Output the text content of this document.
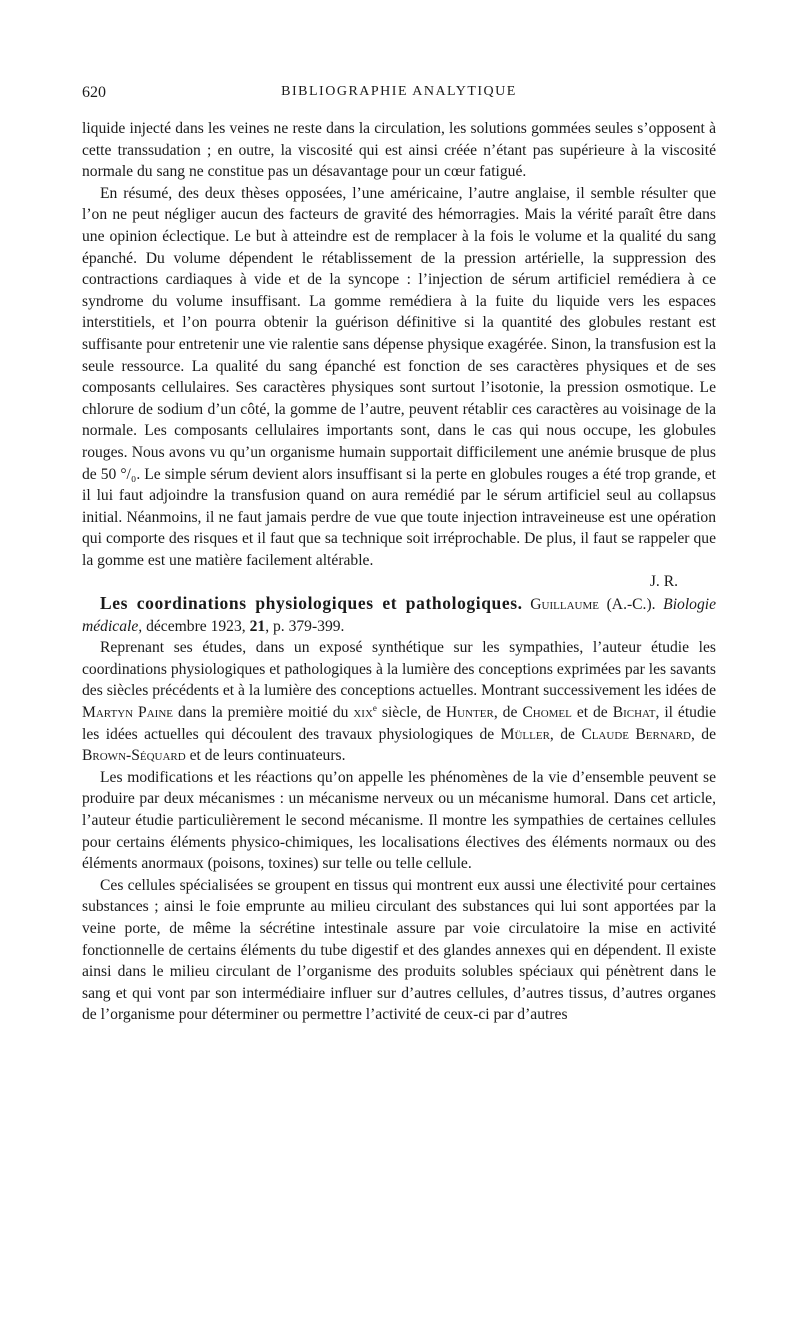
620	BIBLIOGRAPHIE ANALYTIQUE

liquide injecté dans les veines ne reste dans la circulation, les solutions gommées seules s’opposent à cette transsudation ; en outre, la viscosité qui est ainsi créée n’étant pas supérieure à la viscosité normale du sang ne constitue pas un désavantage pour un cœur fatigué.

En résumé, des deux thèses opposées, l’une américaine, l’autre anglaise, il semble résulter que l’on ne peut négliger aucun des facteurs de gravité des hémorragies. Mais la vérité paraît être dans une opinion éclectique. Le but à atteindre est de remplacer à la fois le volume et la qualité du sang épanché. Du volume dépendent le rétablissement de la pression artérielle, la suppression des contractions cardiaques à vide et de la syncope : l’injection de sérum artificiel remédiera à ce syndrome du volume insuffisant. La gomme remédiera à la fuite du liquide vers les espaces interstitiels, et l’on pourra obtenir la guérison définitive si la quantité des globules restant est suffisante pour entretenir une vie ralentie sans dépense physique exagérée. Sinon, la transfusion est la seule ressource. La qualité du sang épanché est fonction de ses caractères physiques et de ses composants cellulaires. Ses caractères physiques sont surtout l’isotonie, la pression osmotique. Le chlorure de sodium d’un côté, la gomme de l’autre, peuvent rétablir ces caractères au voisinage de la normale. Les composants cellulaires importants sont, dans le cas qui nous occupe, les globules rouges. Nous avons vu qu’un organisme humain supportait difficilement une anémie brusque de plus de 50 °/₀. Le simple sérum devient alors insuffisant si la perte en globules rouges a été trop grande, et il lui faut adjoindre la transfusion quand on aura remédié par le sérum artificiel seul au collapsus initial. Néanmoins, il ne faut jamais perdre de vue que toute injection intraveineuse est une opération qui comporte des risques et il faut que sa technique soit irréprochable. De plus, il faut se rappeler que la gomme est une matière facilement altérable.

J. R.

Les coordinations physiologiques et pathologiques. Guillaume (A.-C.). Biologie médicale, décembre 1923, 21, p. 379-399.

Reprenant ses études, dans un exposé synthétique sur les sympathies, l’auteur étudie les coordinations physiologiques et pathologiques à la lumière des conceptions exprimées par les savants des siècles précédents et à la lumière des conceptions actuelles. Montrant successivement les idées de Martyn Paine dans la première moitié du xix$^e$ siècle, de Hunter, de Chomel et de Bichat, il étudie les idées actuelles qui découlent des travaux physiologiques de Müller, de Claude Bernard, de Brown-Séquard et de leurs continuateurs.

Les modifications et les réactions qu’on appelle les phénomènes de la vie d’ensemble peuvent se produire par deux mécanismes : un mécanisme nerveux ou un mécanisme humoral. Dans cet article, l’auteur étudie particulièrement le second mécanisme. Il montre les sympathies de certaines cellules pour certains éléments physico-chimiques, les localisations électives des éléments normaux ou des éléments anormaux (poisons, toxines) sur telle ou telle cellule.

Ces cellules spécialisées se groupent en tissus qui montrent eux aussi une électivité pour certaines substances ; ainsi le foie emprunte au milieu circulant des substances qui lui sont apportées par la veine porte, de même la sécrétine intestinale assure par voie circulatoire la mise en activité fonctionnelle de certains éléments du tube digestif et des glandes annexes qui en dépendent. Il existe ainsi dans le milieu circulant de l’organisme des produits solubles spéciaux qui pénètrent dans le sang et qui vont par son intermédiaire influer sur d’autres cellules, d’autres tissus, d’autres organes de l’organisme pour déterminer ou permettre l’activité de ceux-ci par d’autres
